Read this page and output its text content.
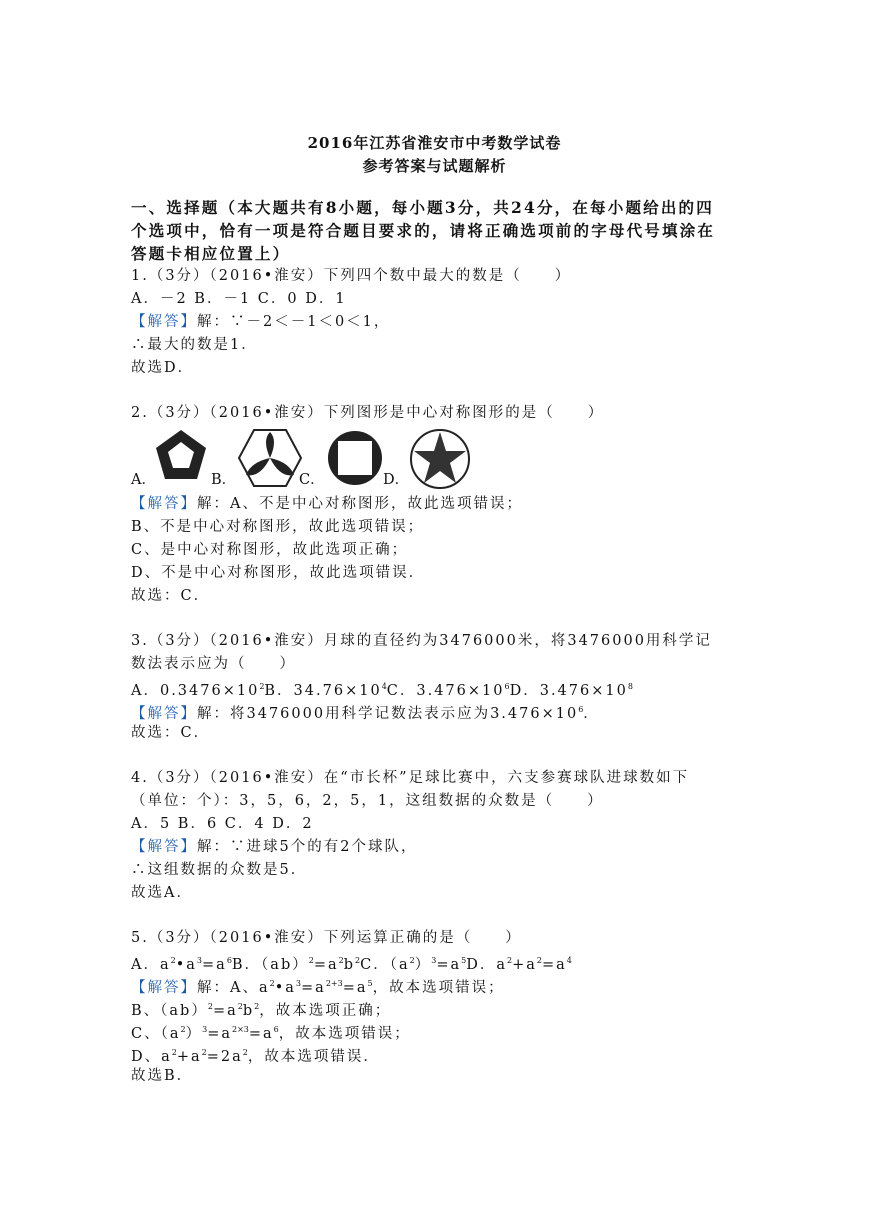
2016年江苏省淮安市中考数学试卷
参考答案与试题解析
一、选择题（本大题共有8小题，每小题3分，共24分，在每小题给出的四
个选项中，恰有一项是符合题目要求的，请将正确选项前的字母代号填涂在
答题卡相应位置上）
1.（3分）（2016•淮安）下列四个数中最大的数是（　　）
A．－2 B．－1 C．0 D．1
【解答】解：∵－2＜－1＜0＜1，
∴最大的数是1．
故选D．
2.（3分）（2016•淮安）下列图形是中心对称图形的是（　　）
A．	B．	C．	D．
【解答】解：A、不是中心对称图形，故此选项错误；
B、不是中心对称图形，故此选项错误；
C、是中心对称图形，故此选项正确；
D、不是中心对称图形，故此选项错误．
故选：C．
3.（3分）（2016•淮安）月球的直径约为3476000米，将3476000用科学记
数法表示应为（　　）
A．$0.3476\times 10^2B$．$34.76\times 10^4C$．$3.476\times 10^6D$．$3.476\times 10^8$
【解答】解：将3476000用科学记数法表示应为$3.476\times 10^6$．
故选：C．
4.（3分）（2016•淮安）在“市长杯”足球比赛中，六支参赛球队进球数如下
（单位：个）：3，5，6，2，5，1，这组数据的众数是（　　）
A．5 B．6 C．4 D．2
【解答】解：∵进球5个的有2个球队，
∴这组数据的众数是5．
故选A．
5.（3分）（2016•淮安）下列运算正确的是（　　）
A．$a^2•a^3=a^6B$．$(ab)^2=a^2b^2C$．$(a^2)^3=a^5D$．$a^2+a^2=a^4$
【解答】解：A、$a^2•a^3=a^{2+3}=a^5$，故本选项错误；
B、$(ab)^2=a^2b^2$，故本选项正确；
C、$(a^2)^3=a^{2\times 3}=a^6$，故本选项错误；
D、$a^2+a^2=2a^2$，故本选项错误．
故选B．
